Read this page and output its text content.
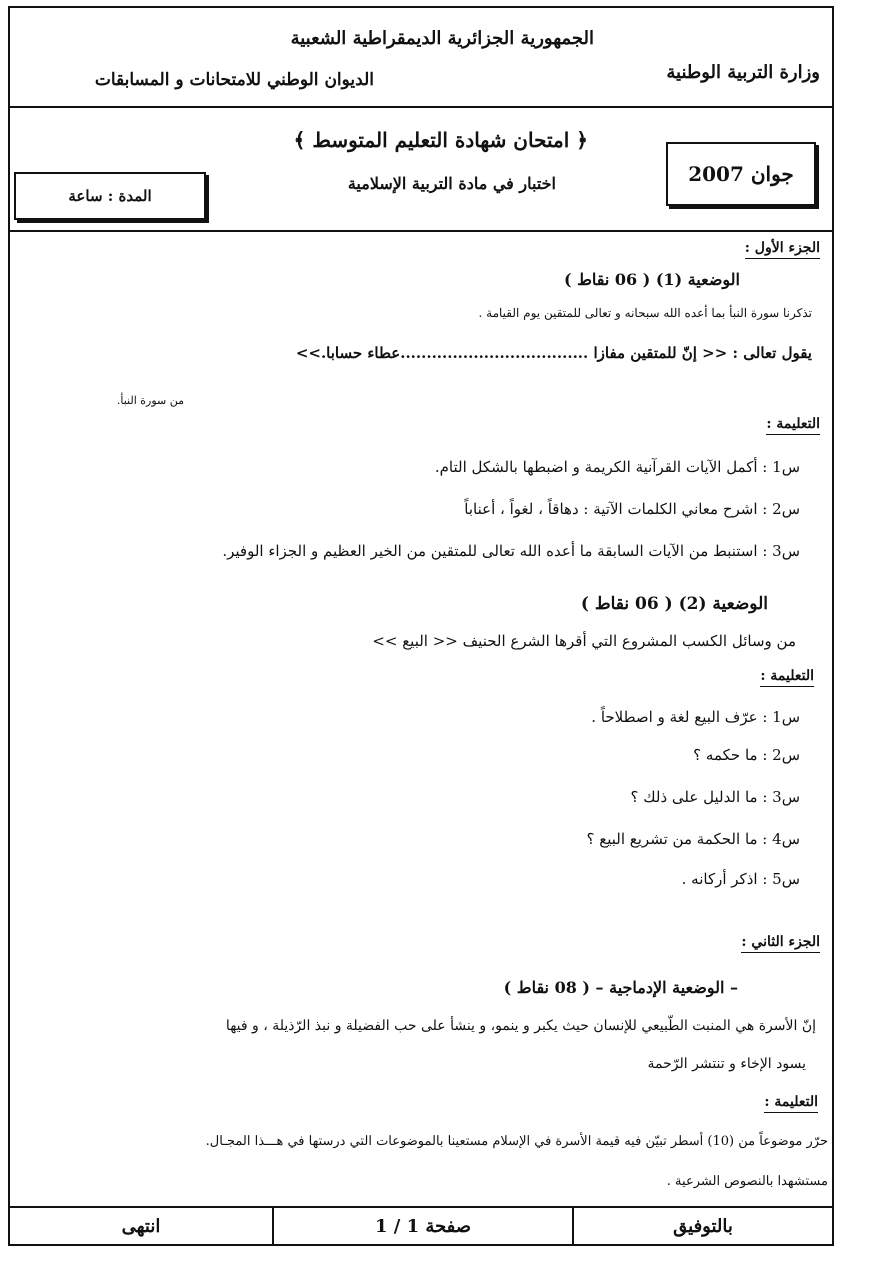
الجمهورية الجزائرية الديمقراطية الشعبية
وزارة التربية الوطنية
الديوان الوطني للامتحانات و المسابقات
﴿ امتحان شهادة التعليم المتوسط ﴾
اختبار في مادة التربية الإسلامية	جوان 2007
المدة : ساعة
الجزء الأول :
الوضعية (1) ( 06 نقاط )
تذكرنا سورة النبأ بما أعده الله سبحانه و تعالى للمتقين يوم القيامة .
يقول تعالى : << إنّ للمتقين مفازا ....................................عطاء حسابا.>>
من سورة النبأ.
التعليمة :
س1 : أكمل الآيات القرآنية الكريمة و اضبطها بالشكل التام.
س2 : اشرح معاني الكلمات الآتية : دهاقاً ، لغواً ، أعناباً
س3 : استنبط من الآيات السابقة ما أعده الله تعالى للمتقين من الخير العظيم و الجزاء الوفير.
الوضعية (2) ( 06 نقاط )
من وسائل الكسب المشروع التي أقرها الشرع الحنيف << البيع >>
التعليمة :
س1 : عرّف البيع لغة و اصطلاحاً .
س2 : ما حكمه ؟
س3 : ما الدليل على ذلك ؟
س4 : ما الحكمة من تشريع البيع ؟
س5 : اذكر أركانه .
الجزء الثاني :
– الوضعية الإدماجية – ( 08 نقاط )
إنّ الأسرة هي المنبت الطّبيعي للإنسان حيث يكبر و ينمو، و ينشأ على حب الفضيلة و نبذ الرّذيلة ، و فيها
يسود الإخاء و تنتشر الرّحمة
التعليمة :
حرّر موضوعاً من (10) أسطر تبيّن فيه قيمة الأسرة في الإسلام مستعينا بالموضوعات التي درستها في هـــذا المجـال.
مستشهدا بالنصوص الشرعية .
بالتوفيق
صفحة 1 / 1
انتهى
